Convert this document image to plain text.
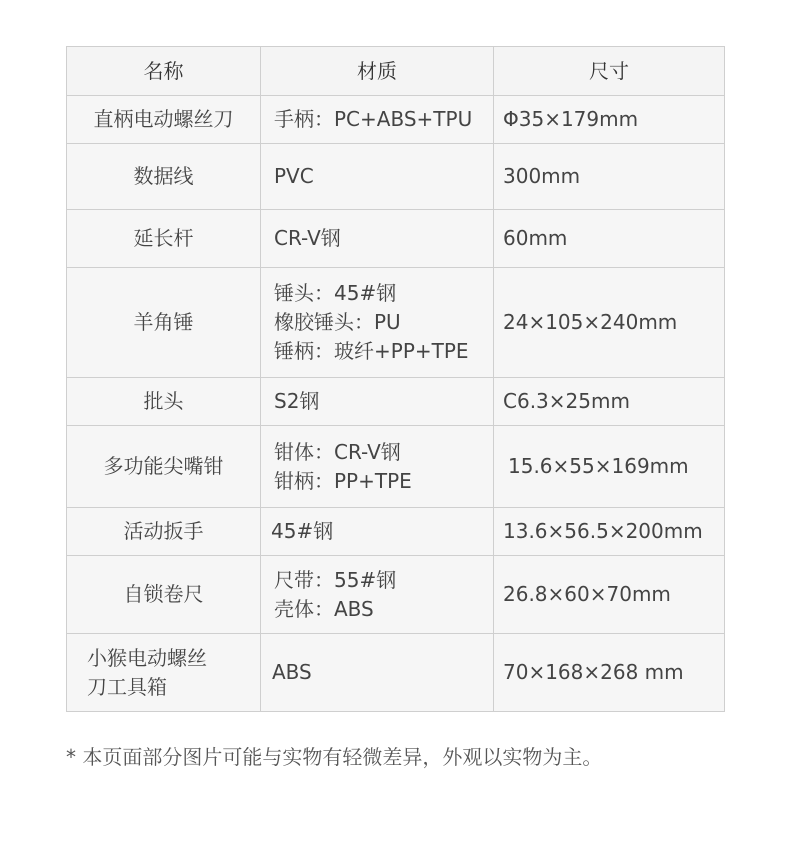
名称	材质	尺寸

直柄电动螺丝刀	手柄：PC+ABS+TPU	Φ35×179mm

数据线	PVC	300mm

延长杆	CR-V钢	60mm

羊角锤	锤头：45#钢
橡胶锤头：PU
锤柄：玻纤+PP+TPE	24×105×240mm

批头	S2钢	C6.3×25mm

多功能尖嘴钳	钳体：CR-V钢
钳柄：PP+TPE	15.6×55×169mm

活动扳手	45#钢	13.6×56.5×200mm

自锁卷尺	尺带：55#钢
壳体：ABS	26.8×60×70mm

小猴电动螺丝
刀工具箱	ABS	70×168×268 mm
* 本页面部分图片可能与实物有轻微差异，外观以实物为主。
